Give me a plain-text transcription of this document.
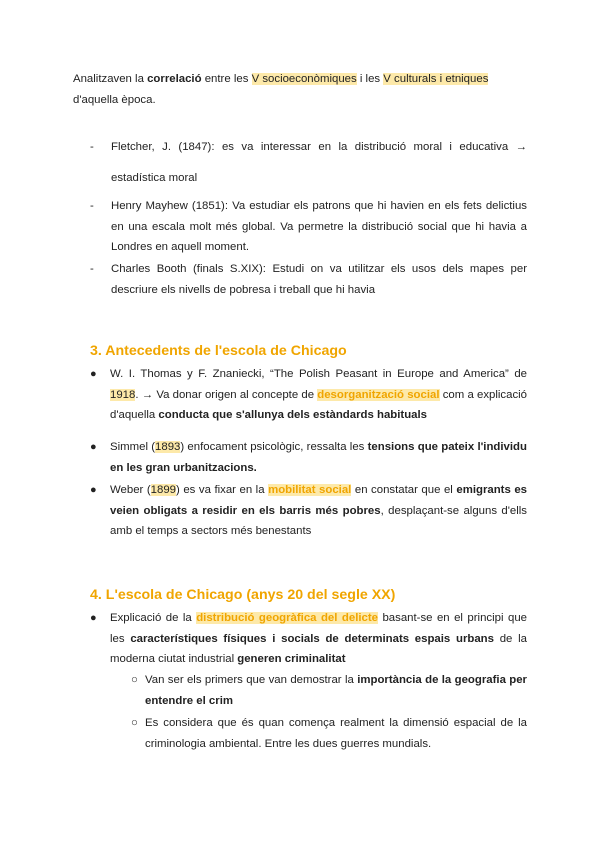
Analitzaven la correlació entre les V socioeconòmiques i les V culturals i etniques
d'aquella època.
- Fletcher, J. (1847): es va interessar en la distribució moral i educativa →
estadística moral
- Henry Mayhew (1851): Va estudiar els patrons que hi havien en els fets delictius en una escala molt més global. Va permetre la distribució social que hi havia a Londres en aquell moment.
- Charles Booth (finals S.XIX): Estudi on va utilitzar els usos dels mapes per descriure els nivells de pobresa i treball que hi havia
3. Antecedents de l'escola de Chicago
● W. I. Thomas y F. Znaniecki, “The Polish Peasant in Europe and America” de 1918. → Va donar origen al concepte de desorganització social com a explicació d'aquella conducta que s'allunya dels estàndards habituals
● Simmel (1893) enfocament psicològic, ressalta les tensions que pateix l'individu en les gran urbanitzacions.
● Weber (1899) es va fixar en la mobilitat social en constatar que el emigrants es veien obligats a residir en els barris més pobres, desplaçant-se alguns d'ells amb el temps a sectors més benestants
4. L'escola de Chicago (anys 20 del segle XX)
● Explicació de la distribució geogràfica del delicte basant-se en el principi que les característiques físiques i socials de determinats espais urbans de la moderna ciutat industrial generen criminalitat
○ Van ser els primers que van demostrar la importància de la geografia per entendre el crim
○ Es considera que és quan comença realment la dimensió espacial de la criminologia ambiental. Entre les dues guerres mundials.
